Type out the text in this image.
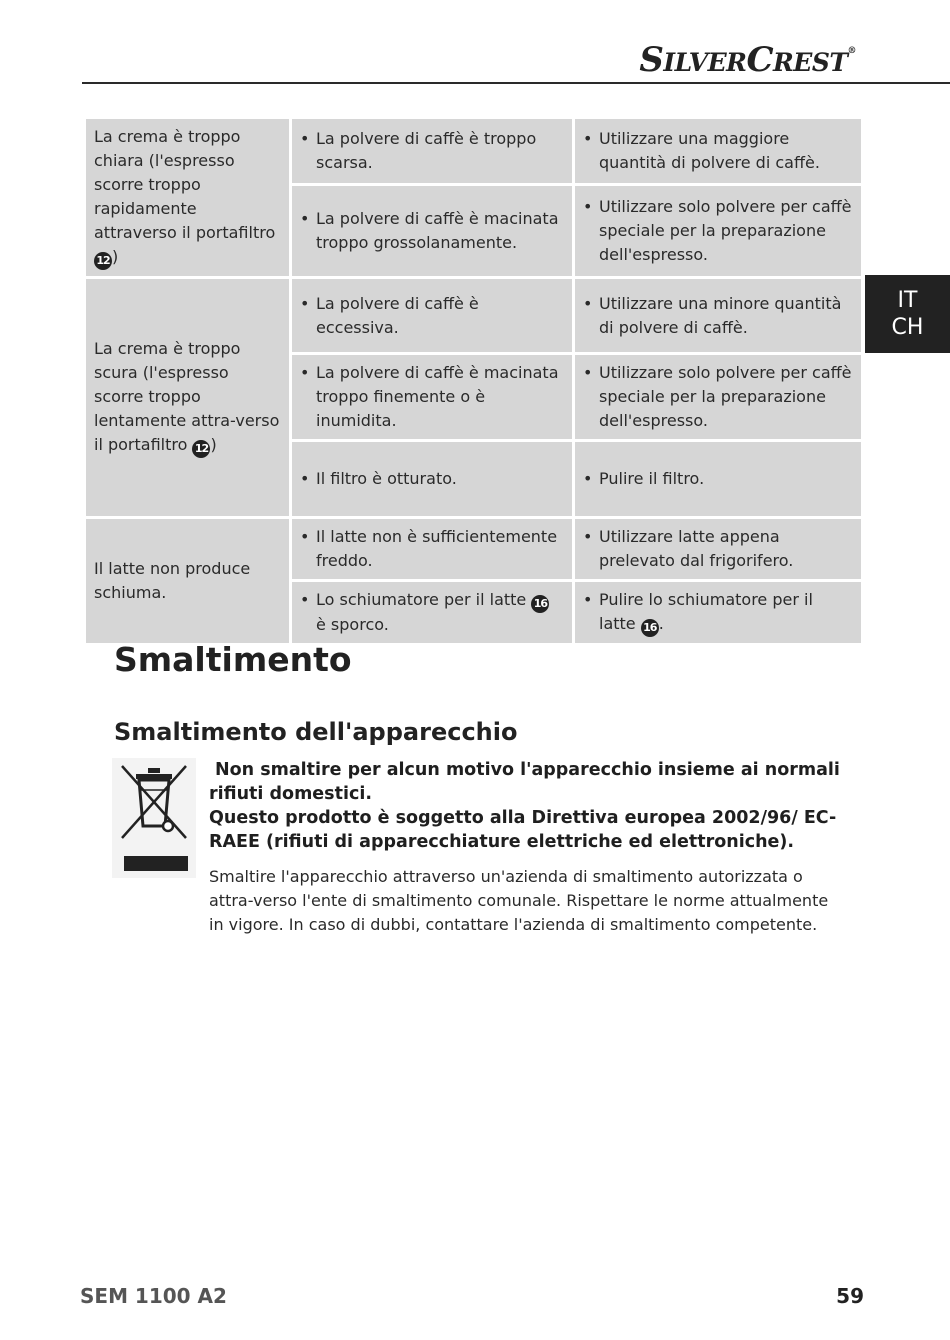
SILVERCREST®
IT
CH
La crema è troppo chiara (l'espresso scorre troppo rapidamente attraverso il portafiltro 12 )	• La polvere di caffè è troppo scarsa.	• Utilizzare una maggiore quantità di polvere di caffè.

	• La polvere di caffè è macinata troppo grossolanamente.	• Utilizzare solo polvere per caffè speciale per la preparazione dell'espresso.

La crema è troppo scura (l'espresso scorre troppo lentamente attra-verso il portafiltro 12 )	• La polvere di caffè è eccessiva.	• Utilizzare una minore quantità di polvere di caffè.

	• La polvere di caffè è macinata troppo finemente o è inumidita.	• Utilizzare solo polvere per caffè speciale per la preparazione dell'espresso.

	• Il filtro è otturato.	• Pulire il filtro.

Il latte non produce schiuma.	• Il latte non è sufficientemente freddo.	• Utilizzare latte appena prelevato dal frigorifero.

	• Lo schiumatore per il latte 16 è sporco.	• Pulire lo schiumatore per il latte 16 .
Smaltimento
Smaltimento dell'apparecchio
Non smaltire per alcun motivo l'apparecchio insieme ai normali rifiuti domestici.
Questo prodotto è soggetto alla Direttiva europea 2002/96/ EC-RAEE (rifiuti di apparecchiature elettriche ed elettroniche).
Smaltire l'apparecchio attraverso un'azienda di smaltimento autorizzata o attra-verso l'ente di smaltimento comunale. Rispettare le norme attualmente in vigore. In caso di dubbi, contattare l'azienda di smaltimento competente.
SEM 1100 A2	59
